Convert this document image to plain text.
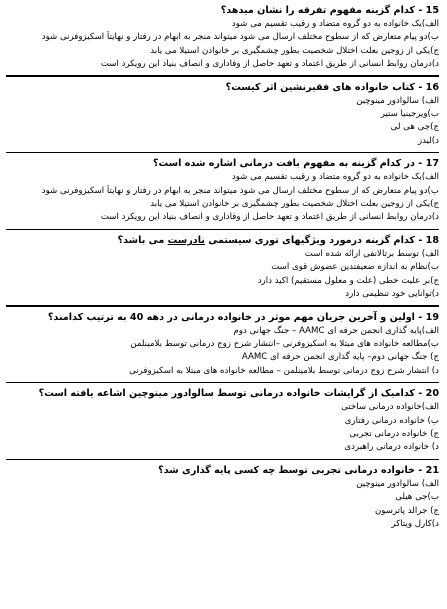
15 - کدام گزینه مفهوم تفرقه را نشان میدهد؟
الف)یک خانواده به دو گروه متضاد و رقیب تقسیم می شود
ب)دو پیام متعارض که از سطوح مختلف ارسال می شود میتواند منجر به ابهام در رفتار و نهایتاً اسکیزوفرنی شود
ج)یکی از زوجین بعلت اختلال شخصیت بطور چشمگیری بر خانوادن استیلا می یابد
د)درمان روابط انسانی از طریق اعتماد و تعهد حاصل از وفاداری و انصاف بنیاد این رویکرد است
16 - کتاب خانواده های فقیرنشین اثر کیست؟
الف) سالوادور مینوچین
ب)ویرجینیا ستیر
ج)جی هی لی
د)لیدز
17 - در کدام گزینه به مفهوم بافت درمانی اشاره شده است؟
الف)یک خانواده به دو گروه متضاد و رقیب تقسیم می شود
ب)دو پیام متعارض که از سطوح مختلف ارسال می شود میتواند منجر به ابهام در رفتار و نهایتاً اسکیزوفرنی شود
ج)یکی از زوجین بعلت اختلال شخصیت بطور چشمگیری بر خانوادن استیلا می یابد
د)درمان روابط انسانی از طریق اعتماد و تعهد حاصل از وفاداری و انصاف بنیاد این رویکرد است
18 - کدام گزینه درمورد ویژگیهای توری سیستمی نادرست می باشد؟
الف) توسط برتالانفی ارائه شده است
ب)نظام به اندازه ضعیفتدین عضوش قوی است
ج)بر علیت خطی (علت و معلول مستقیم) اکید دارد
د)توانایی خود تنظیمی دارد
19 - اولین و آخرین جریان مهم موثر در خانواده درمانی در دهه 40 به ترتیب کدامند؟
الف)پایه گذاری انجمن حرفه ای AAMC – جنگ جهانی دوم
ب)مطالعه خانواده های مبتلا به اسکیزوفرنی –انتشار شرح زوج درمانی توسط بلامینلمن
ج) جنگ جهانی دوم– پایه گذاری انجمن حرفه ای AAMC
د) انتشار شرح زوج درمانی توسط بلامینلمن – مطالعه خانواده های مبتلا به اسکیزوفرنی
20 - کدامیک از گرایشات خانواده درمانی توسط سالوادور مینوچین اشاعه یافته است؟
الف)خانواده درمانی ساختی
ب) خانواده درمانی رفتاری
ج) خانواده درمانی تجربی
د) خانواده درمانی راهبردی
21 - خانواده درمانی تجربی توسط چه کسی پایه گذاری شد؟
الف) سالوادور مینوچین
ب)جی هیلی
ج) جرالد پاترسون
د)کارل ویتاکر
